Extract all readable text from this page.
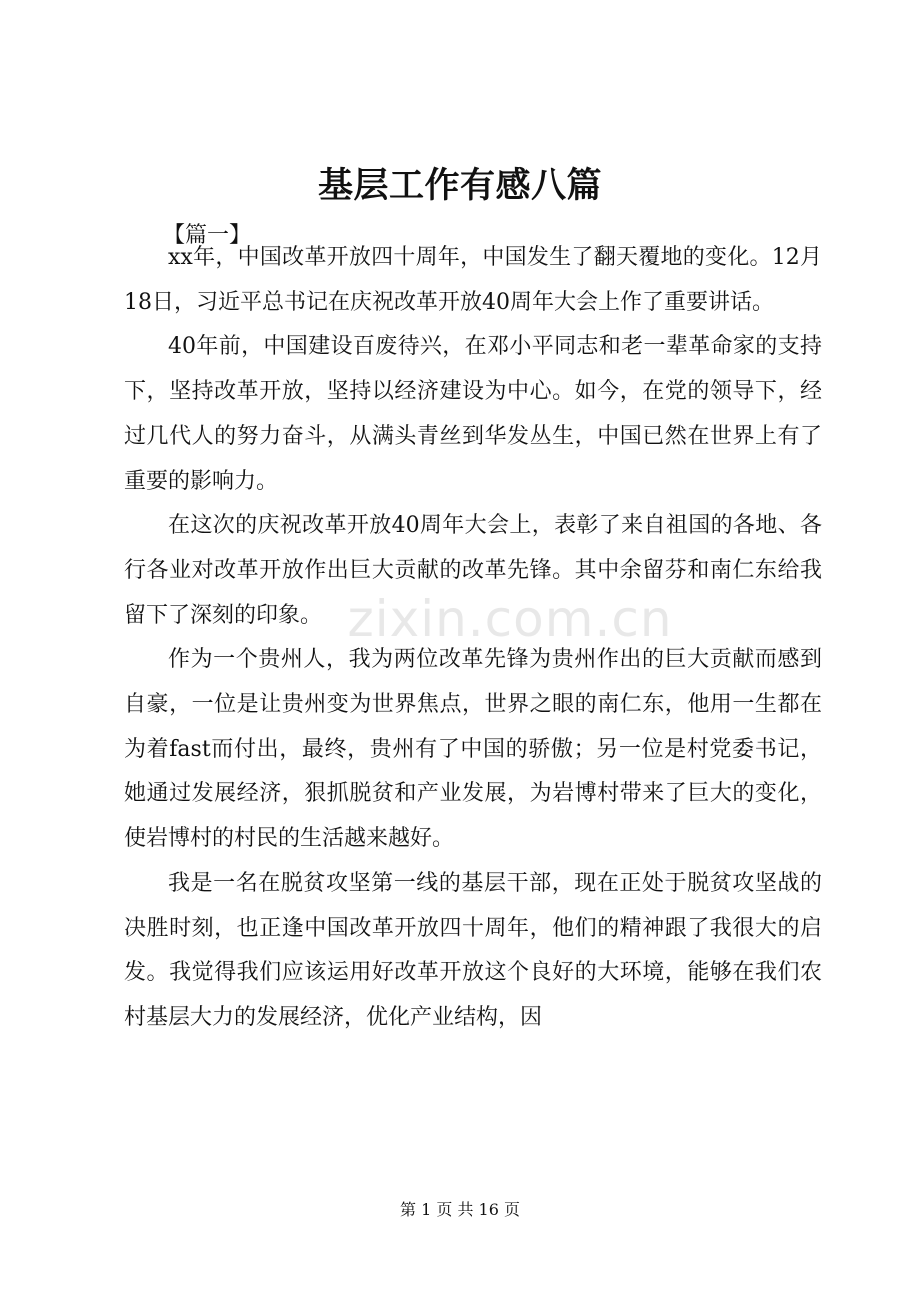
zixin.com.cn
基层工作有感八篇
【篇一】

xx年，中国改革开放四十周年，中国发生了翻天覆地的变化。12月18日，习近平总书记在庆祝改革开放40周年大会上作了重要讲话。

40年前，中国建设百废待兴，在邓小平同志和老一辈革命家的支持下，坚持改革开放，坚持以经济建设为中心。如今，在党的领导下，经过几代人的努力奋斗，从满头青丝到华发丛生，中国已然在世界上有了重要的影响力。

在这次的庆祝改革开放40周年大会上，表彰了来自祖国的各地、各行各业对改革开放作出巨大贡献的改革先锋。其中余留芬和南仁东给我留下了深刻的印象。

作为一个贵州人，我为两位改革先锋为贵州作出的巨大贡献而感到自豪，一位是让贵州变为世界焦点，世界之眼的南仁东，他用一生都在为着fast而付出，最终，贵州有了中国的骄傲；另一位是村党委书记，她通过发展经济，狠抓脱贫和产业发展，为岩博村带来了巨大的变化，使岩博村的村民的生活越来越好。

我是一名在脱贫攻坚第一线的基层干部，现在正处于脱贫攻坚战的决胜时刻，也正逢中国改革开放四十周年，他们的精神跟了我很大的启发。我觉得我们应该运用好改革开放这个良好的大环境，能够在我们农村基层大力的发展经济，优化产业结构，因

第 1 页 共 16 页
